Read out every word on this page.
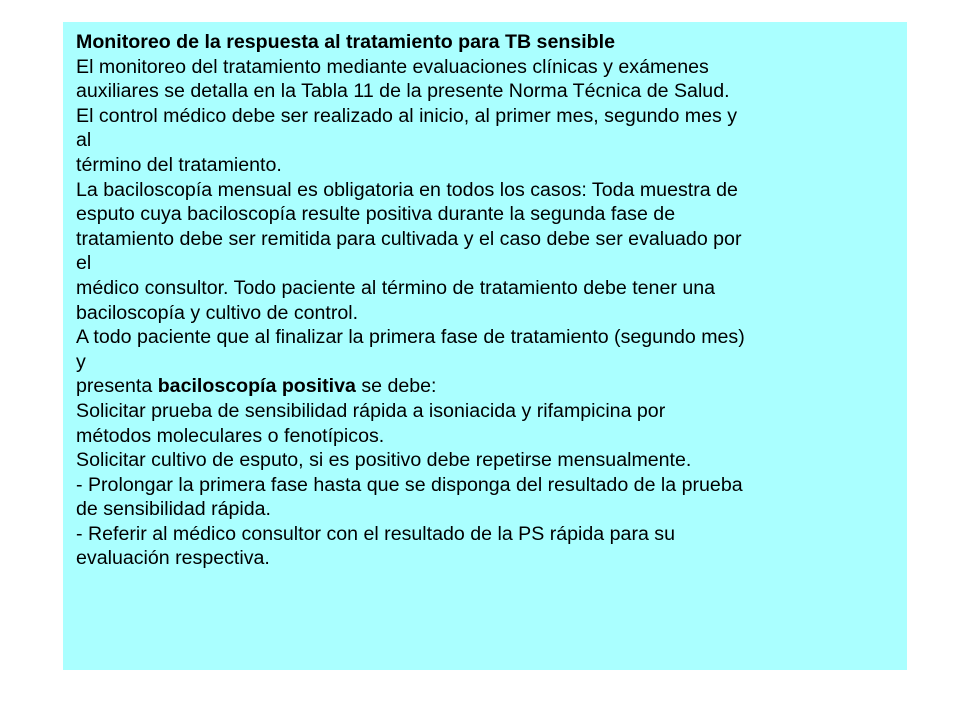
Monitoreo de la respuesta al tratamiento para TB sensible

El monitoreo del tratamiento mediante evaluaciones clínicas y exámenes

auxiliares se detalla en la Tabla 11 de la presente Norma Técnica de Salud.

El control médico debe ser realizado al inicio, al primer mes, segundo mes y

al

término del tratamiento.

La baciloscopía mensual es obligatoria en todos los casos: Toda muestra de

esputo cuya baciloscopía resulte positiva durante la segunda fase de

tratamiento debe ser remitida para cultivada y el caso debe ser evaluado por

el

médico consultor. Todo paciente al término de tratamiento debe tener una

baciloscopía y cultivo de control.

A todo paciente que al finalizar la primera fase de tratamiento (segundo mes)

y

presenta baciloscopía positiva se debe:

Solicitar prueba de sensibilidad rápida a isoniacida y rifampicina por

métodos moleculares o fenotípicos.

Solicitar cultivo de esputo, si es positivo debe repetirse mensualmente.

- Prolongar la primera fase hasta que se disponga del resultado de la prueba

de sensibilidad rápida.

- Referir al médico consultor con el resultado de la PS rápida para su

evaluación respectiva.
